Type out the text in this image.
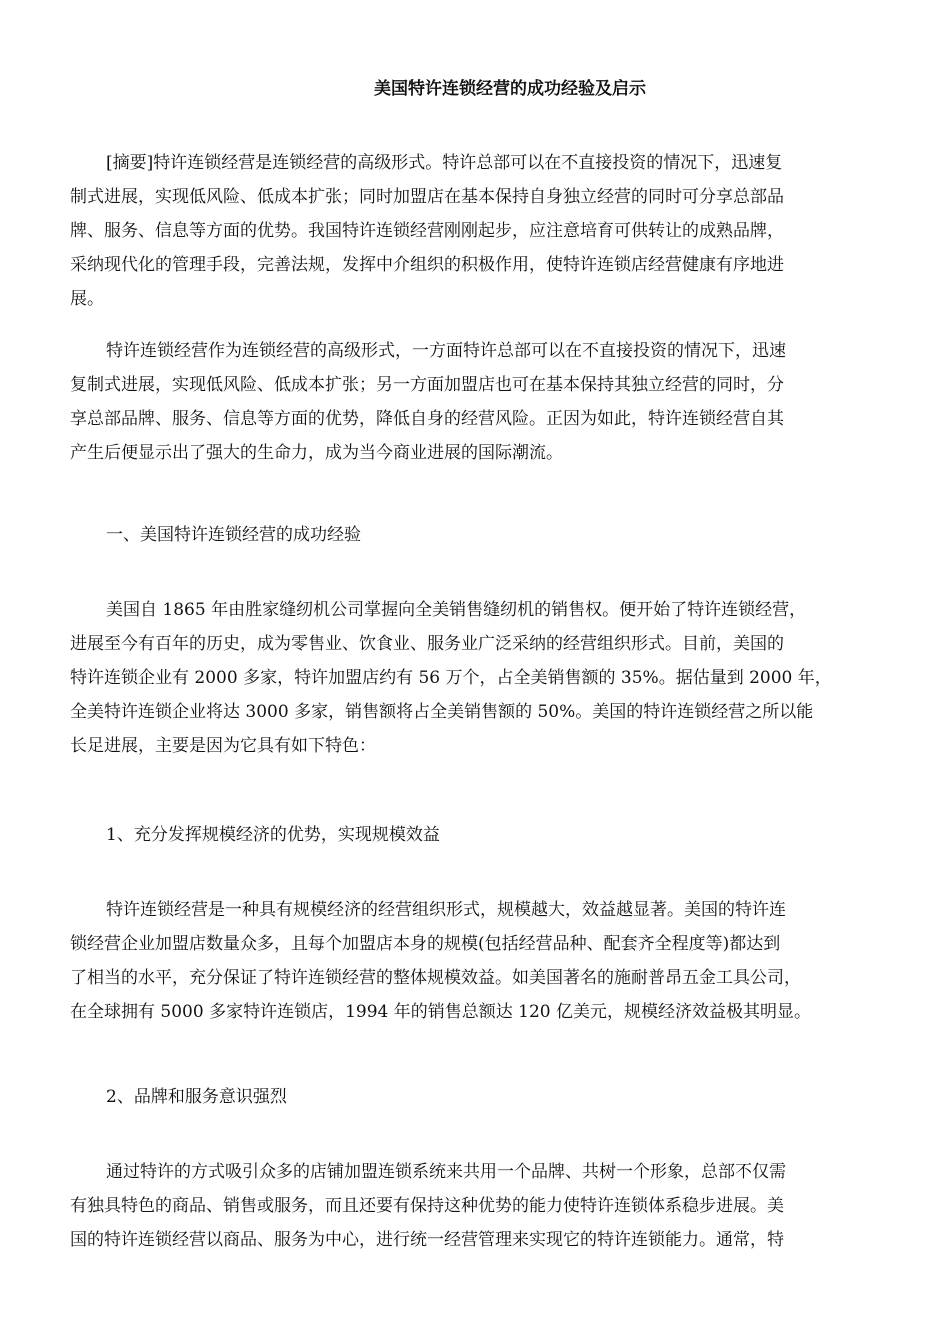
美国特许连锁经营的成功经验及启示
[摘要]特许连锁经营是连锁经营的高级形式。特许总部可以在不直接投资的情况下，迅速复
制式进展，实现低风险、低成本扩张；同时加盟店在基本保持自身独立经营的同时可分享总部品
牌、服务、信息等方面的优势。我国特许连锁经营刚刚起步，应注意培育可供转让的成熟品牌，
采纳现代化的管理手段，完善法规，发挥中介组织的积极作用，使特许连锁店经营健康有序地进
展。
特许连锁经营作为连锁经营的高级形式，一方面特许总部可以在不直接投资的情况下，迅速
复制式进展，实现低风险、低成本扩张；另一方面加盟店也可在基本保持其独立经营的同时，分
享总部品牌、服务、信息等方面的优势，降低自身的经营风险。正因为如此，特许连锁经营自其
产生后便显示出了强大的生命力，成为当今商业进展的国际潮流。
一、美国特许连锁经营的成功经验
美国自 1865 年由胜家缝纫机公司掌握向全美销售缝纫机的销售权。便开始了特许连锁经营，
进展至今有百年的历史，成为零售业、饮食业、服务业广泛采纳的经营组织形式。目前，美国的
特许连锁企业有 2000 多家，特许加盟店约有 56 万个，占全美销售额的 35%。据估量到 2000 年，
全美特许连锁企业将达 3000 多家，销售额将占全美销售额的 50%。美国的特许连锁经营之所以能
长足进展，主要是因为它具有如下特色：
1、充分发挥规模经济的优势，实现规模效益
特许连锁经营是一种具有规模经济的经营组织形式，规模越大，效益越显著。美国的特许连
锁经营企业加盟店数量众多，且每个加盟店本身的规模(包括经营品种、配套齐全程度等)都达到
了相当的水平，充分保证了特许连锁经营的整体规模效益。如美国著名的施耐普昂五金工具公司，
在全球拥有 5000 多家特许连锁店，1994 年的销售总额达 120 亿美元，规模经济效益极其明显。
2、品牌和服务意识强烈
通过特许的方式吸引众多的店铺加盟连锁系统来共用一个品牌、共树一个形象，总部不仅需
有独具特色的商品、销售或服务，而且还要有保持这种优势的能力使特许连锁体系稳步进展。美
国的特许连锁经营以商品、服务为中心，进行统一经营管理来实现它的特许连锁能力。通常，特
